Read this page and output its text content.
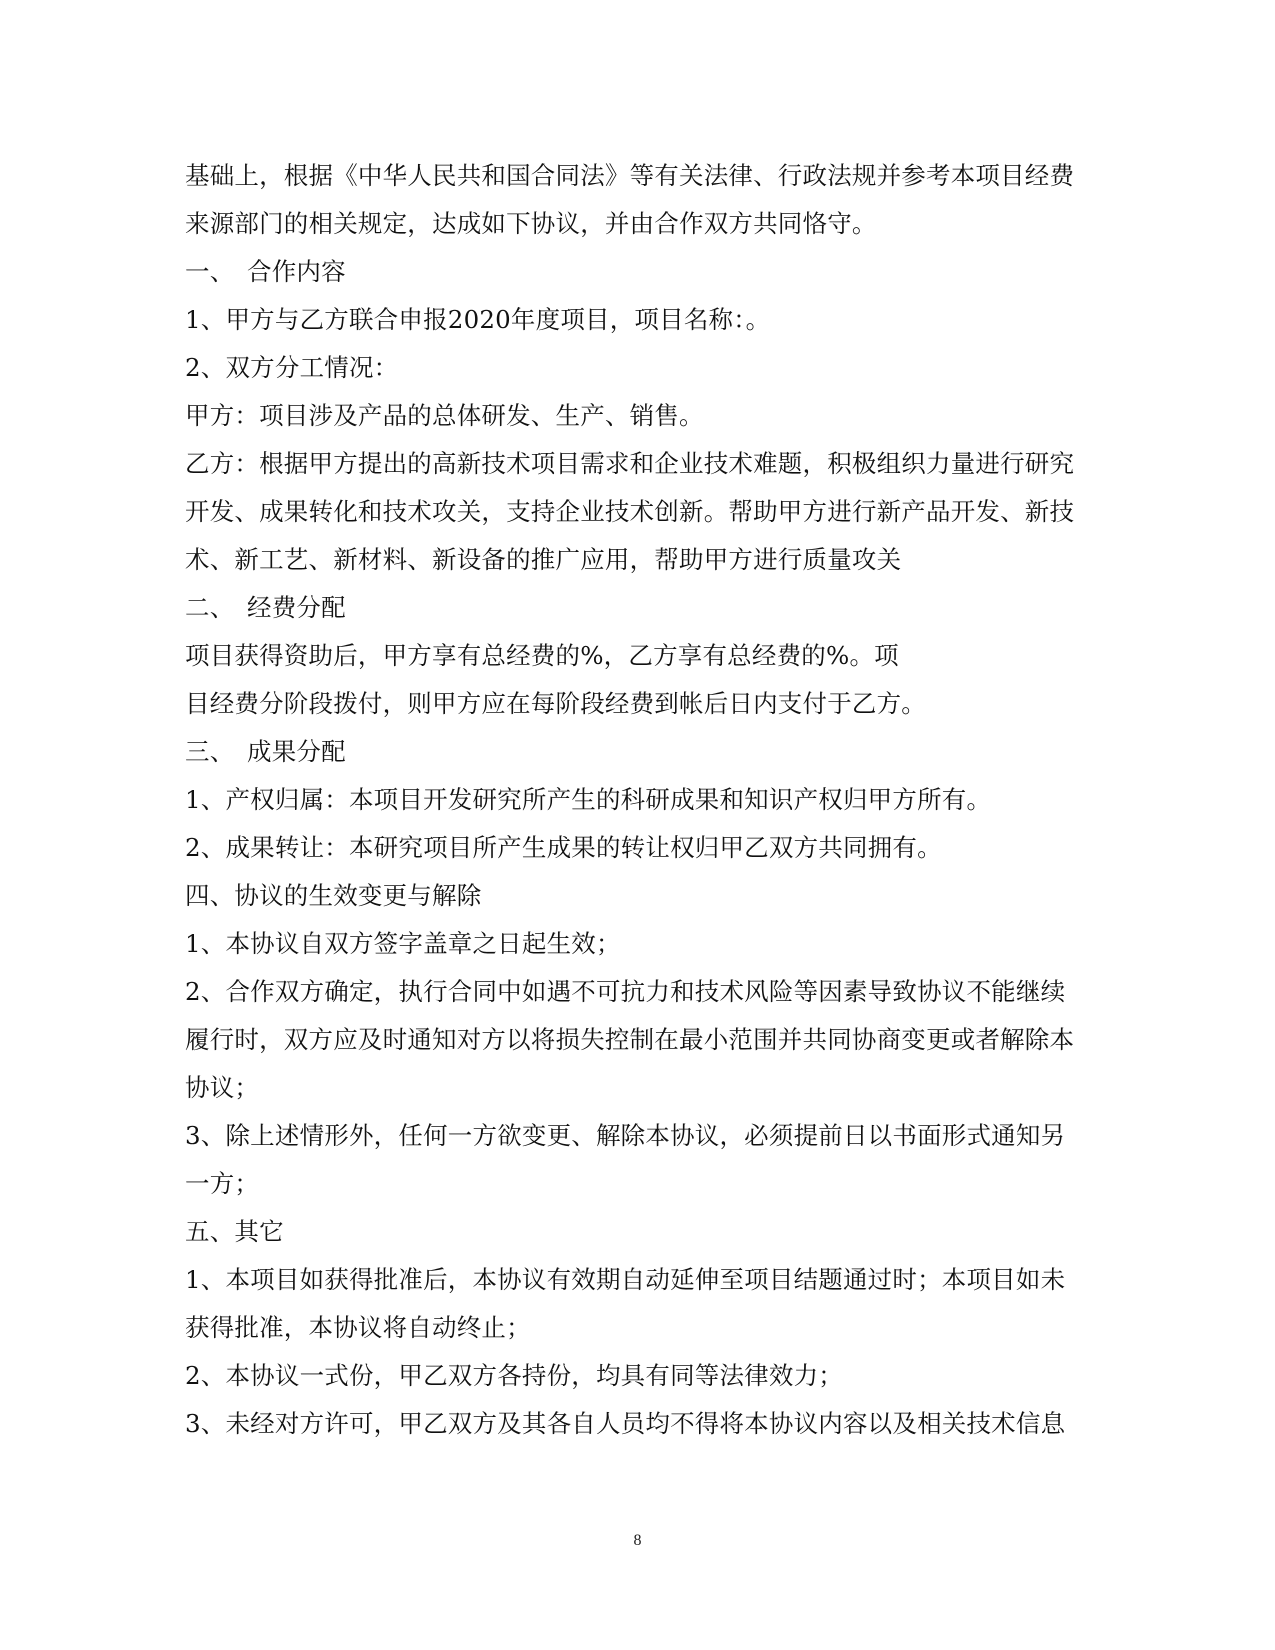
基础上，根据《中华人民共和国合同法》等有关法律、行政法规并参考本项目经费
来源部门的相关规定，达成如下协议，并由合作双方共同恪守。
一、 合作内容
1、甲方与乙方联合申报2020年度项目，项目名称：。
2、双方分工情况：
甲方：项目涉及产品的总体研发、生产、销售。
乙方：根据甲方提出的高新技术项目需求和企业技术难题，积极组织力量进行研究
开发、成果转化和技术攻关，支持企业技术创新。帮助甲方进行新产品开发、新技
术、新工艺、新材料、新设备的推广应用，帮助甲方进行质量攻关
二、 经费分配
项目获得资助后，甲方享有总经费的%，乙方享有总经费的%。项
目经费分阶段拨付，则甲方应在每阶段经费到帐后日内支付于乙方。
三、 成果分配
1、产权归属：本项目开发研究所产生的科研成果和知识产权归甲方所有。
2、成果转让：本研究项目所产生成果的转让权归甲乙双方共同拥有。
四、协议的生效变更与解除
1、本协议自双方签字盖章之日起生效；
2、合作双方确定，执行合同中如遇不可抗力和技术风险等因素导致协议不能继续
履行时，双方应及时通知对方以将损失控制在最小范围并共同协商变更或者解除本
协议；
3、除上述情形外，任何一方欲变更、解除本协议，必须提前日以书面形式通知另
一方；
五、其它
1、本项目如获得批准后，本协议有效期自动延伸至项目结题通过时；本项目如未
获得批准，本协议将自动终止；
2、本协议一式份，甲乙双方各持份，均具有同等法律效力；
3、未经对方许可，甲乙双方及其各自人员均不得将本协议内容以及相关技术信息
8
